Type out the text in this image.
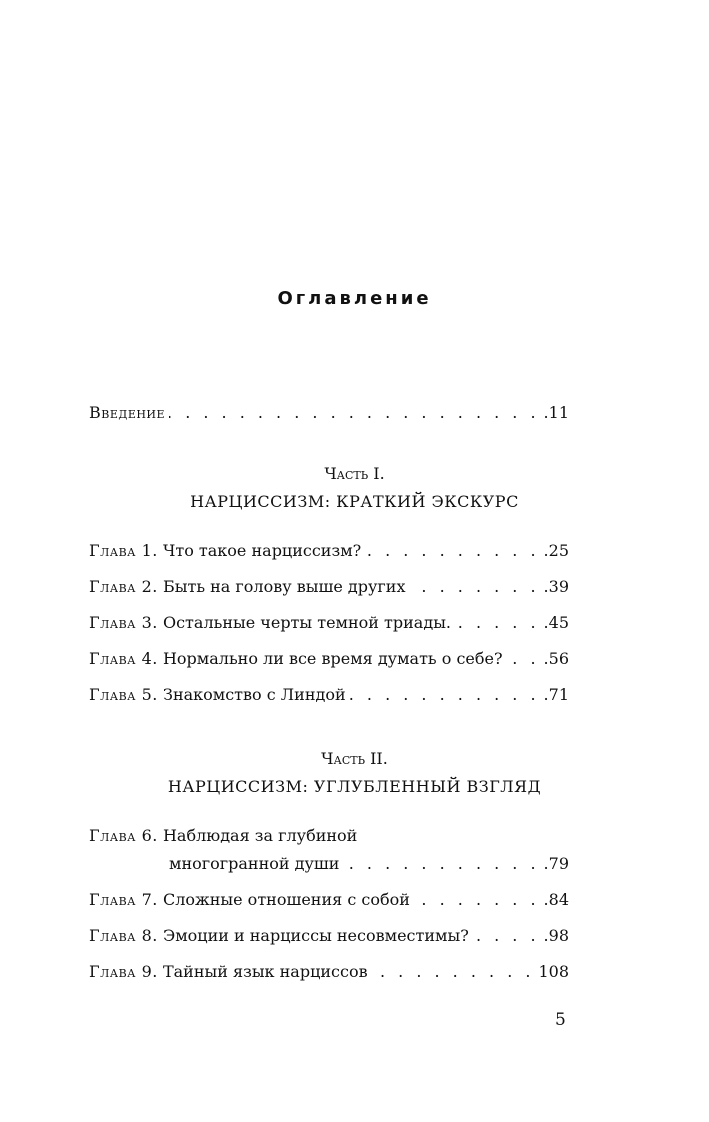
Оглавление
Введение . . .	.11
Часть I.
НАРЦИССИЗМ: КРАТКИЙ ЭКСКУРС
Глава 1. Что такое нарциссизм? . . .	.25
Глава 2. Быть на голову выше других . . .	.39
Глава 3. Остальные черты темной триады. . . .	.45
Глава 4. Нормально ли все время думать о себе? . . .	.56
Глава 5. Знакомство с Линдой . . .	.71
Часть II.
НАРЦИССИЗМ: УГЛУБЛЕННЫЙ ВЗГЛЯД
Глава 6. Наблюдая за глубиной
многогранной души . . .	.79
Глава 7. Сложные отношения с собой . . .	.84
Глава 8. Эмоции и нарциссы несовместимы? . . .	.98
Глава 9. Тайный язык нарциссов . . .	108
5
